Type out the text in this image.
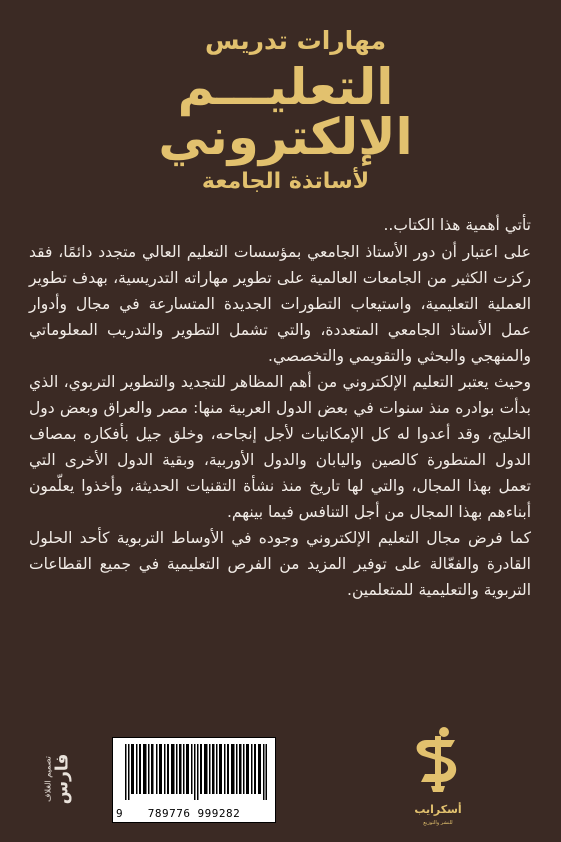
مهارات تدريس
التعليـــم
الإلكتروني
لأساتذة الجامعة

تأتي أهمية هذا الكتاب..

على اعتبار أن دور الأستاذ الجامعي بمؤسسات التعليم العالي متجدد دائمًا، فقد ركزت الكثير من الجامعات العالمية على تطوير مهاراته التدريسية، بهدف تطوير العملية التعليمية، واستيعاب التطورات الجديدة المتسارعة في مجال وأدوار عمل الأستاذ الجامعي المتعددة، والتي تشمل التطوير والتدريب المعلوماتي والمنهجي والبحثي والتقويمي والتخصصي.

وحيث يعتبر التعليم الإلكتروني من أهم المظاهر للتجديد والتطوير التربوي، الذي بدأت بوادره منذ سنوات في بعض الدول العربية منها: مصر والعراق وبعض دول الخليج، وقد أعدوا له كل الإمكانيات لأجل إنجاحه، وخلق جيل بأفكاره بمصاف الدول المتطورة كالصين واليابان والدول الأوربية، وبقية الدول الأخرى التي تعمل بهذا المجال، والتي لها تاريخ منذ نشأة التقنيات الحديثة، وأخذوا يعلّمون أبناءهم بهذا المجال من أجل التنافس فيما بينهم.

كما فرض مجال التعليم الإلكتروني وجوده في الأوساط التربوية كأحد الحلول القادرة والفعّالة على توفير المزيد من الفرص التعليمية في جميع القطاعات التربوية والتعليمية للمتعلمين.

تصميم الغلاف فارس
9	789776 999282	أسكرايب
للنشر والتوزيع
